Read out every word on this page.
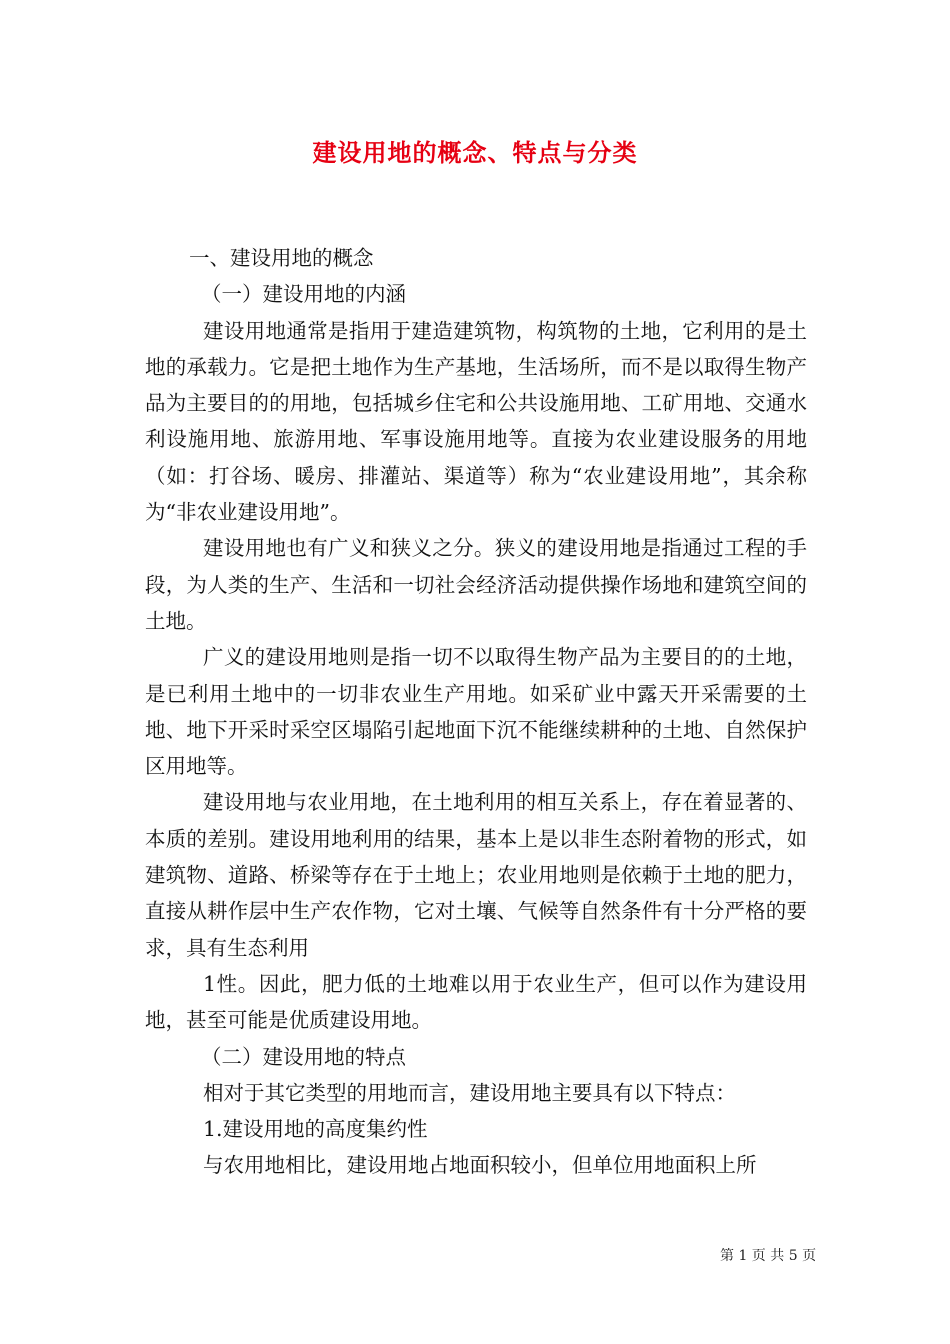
建设用地的概念、特点与分类

一、建设用地的概念

（一）建设用地的内涵

建设用地通常是指用于建造建筑物，构筑物的土地，它利用的是土地的承载力。它是把土地作为生产基地，生活场所，而不是以取得生物产品为主要目的的用地，包括城乡住宅和公共设施用地、工矿用地、交通水利设施用地、旅游用地、军事设施用地等。直接为农业建设服务的用地（如：打谷场、暖房、排灌站、渠道等）称为“农业建设用地”，其余称为“非农业建设用地”。

建设用地也有广义和狭义之分。狭义的建设用地是指通过工程的手段，为人类的生产、生活和一切社会经济活动提供操作场地和建筑空间的土地。

广义的建设用地则是指一切不以取得生物产品为主要目的的土地，是已利用土地中的一切非农业生产用地。如采矿业中露天开采需要的土地、地下开采时采空区塌陷引起地面下沉不能继续耕种的土地、自然保护区用地等。

建设用地与农业用地，在土地利用的相互关系上，存在着显著的、本质的差别。建设用地利用的结果，基本上是以非生态附着物的形式，如建筑物、道路、桥梁等存在于土地上；农业用地则是依赖于土地的肥力，直接从耕作层中生产农作物，它对土壤、气候等自然条件有十分严格的要求，具有生态利用

1性。因此，肥力低的土地难以用于农业生产，但可以作为建设用地，甚至可能是优质建设用地。

（二）建设用地的特点

相对于其它类型的用地而言，建设用地主要具有以下特点：

1.建设用地的高度集约性

与农用地相比，建设用地占地面积较小，但单位用地面积上所

第 1 页 共 5 页
